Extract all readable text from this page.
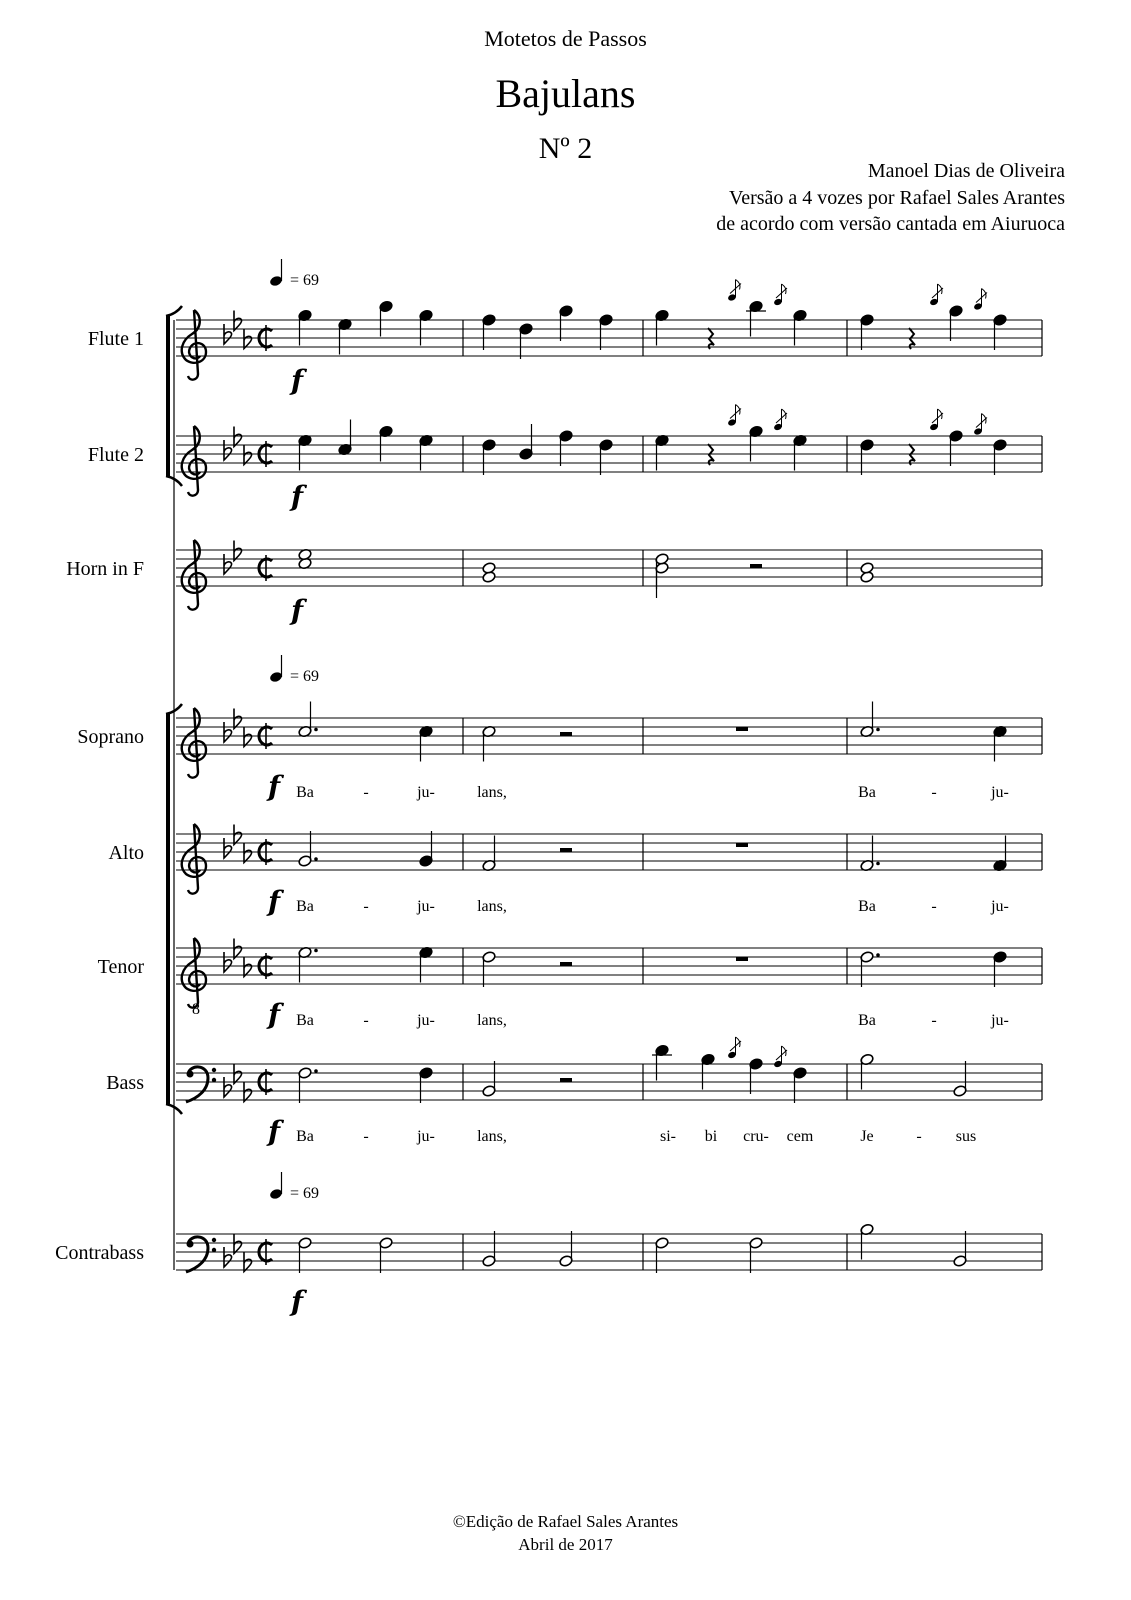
Motetos de Passos
Bajulans
Nº 2
Manoel Dias de Oliveira
Versão a 4 vozes por Rafael Sales Arantes
de acordo com versão cantada em Aiuruoca
Flute 1
Flute 2
Horn in F
Soprano
Alto
Tenor
8
Bass
Contrabass
= 69
= 69
= 69
f
f
f
f
f
f
f
f
Ba	-	ju-	lans,	Ba	-	ju-
Ba	-	ju-	lans,	Ba	-	ju-
Ba	-	ju-	lans,	Ba	-	ju-
Ba	-	ju-	lans,	si- bi cru- cem	Je	- sus
©Edição de Rafael Sales Arantes
Abril de 2017
